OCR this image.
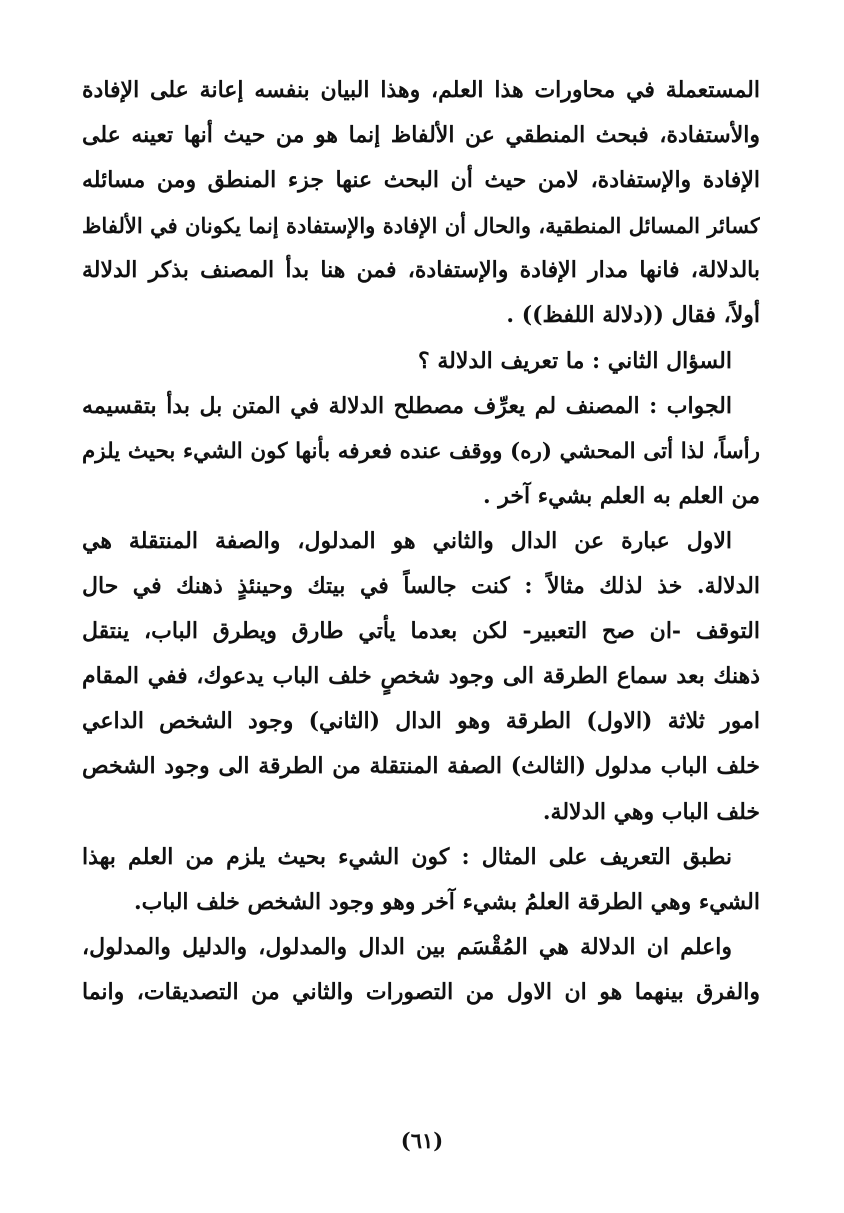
المستعملة في محاورات هذا العلم، وهذا البيان بنفسه إعانة على الإفادة
والأستفادة، فبحث المنطقي عن الألفاظ إنما هو من حيث أنها تعينه على
الإفادة والإستفادة، لامن حيث أن البحث عنها جزء المنطق ومن مسائله
كسائر المسائل المنطقية، والحال أن الإفادة والإستفادة إنما يكونان في الألفاظ
بالدلالة، فانها مدار الإفادة والإستفادة، فمن هنا بدأ المصنف بذكر الدلالة
أولاً، فقال ((دلالة اللفظ)) .
السؤال الثاني : ما تعريف الدلالة ؟
الجواب : المصنف لم يعرِّف مصطلح الدلالة في المتن بل بدأ بتقسيمه
رأساً، لذا أتى المحشي (ره) ووقف عنده فعرفه بأنها كون الشيء بحيث يلزم
من العلم به العلم بشيء آخر .
الاول عبارة عن الدال والثاني هو المدلول، والصفة المنتقلة هي
الدلالة. خذ لذلك مثالاً : كنت جالساً في بيتك وحينئذٍ ذهنك في حال
التوقف -ان صح التعبير- لكن بعدما يأتي طارق ويطرق الباب، ينتقل
ذهنك بعد سماع الطرقة الى وجود شخصٍ خلف الباب يدعوك، ففي المقام
امور ثلاثة (الاول) الطرقة وهو الدال (الثاني) وجود الشخص الداعي
خلف الباب مدلول (الثالث) الصفة المنتقلة من الطرقة الى وجود الشخص
خلف الباب وهي الدلالة.
نطبق التعريف على المثال : كون الشيء بحيث يلزم من العلم بهذا
الشيء وهي الطرقة العلمُ بشيء آخر وهو وجود الشخص خلف الباب.
واعلم ان الدلالة هي المُقْسَم بين الدال والمدلول، والدليل والمدلول،
والفرق بينهما هو ان الاول من التصورات والثاني من التصديقات، وانما
(٦١)
